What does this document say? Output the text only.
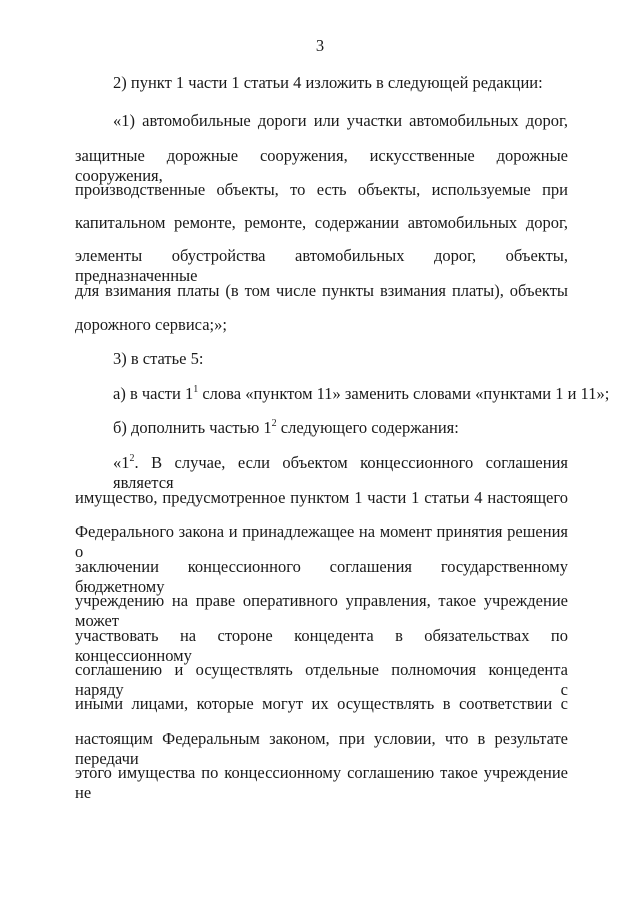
3
2) пункт 1 части 1 статьи 4 изложить в следующей редакции:
«1) автомобильные дороги или участки автомобильных дорог,
защитные дорожные сооружения, искусственные дорожные сооружения,
производственные объекты, то есть объекты, используемые при
капитальном ремонте, ремонте, содержании автомобильных дорог,
элементы обустройства автомобильных дорог, объекты, предназначенные
для взимания платы (в том числе пункты взимания платы), объекты
дорожного сервиса;»;
3) в статье 5:
а) в части $1^1$ слова «пунктом 11» заменить словами «пунктами 1 и 11»;
б) дополнить частью $1^2$ следующего содержания:
«$1^2$. В случае, если объектом концессионного соглашения является
имущество, предусмотренное пунктом 1 части 1 статьи 4 настоящего
Федерального закона и принадлежащее на момент принятия решения о
заключении концессионного соглашения государственному бюджетному
учреждению на праве оперативного управления, такое учреждение может
участвовать на стороне концедента в обязательствах по концессионному
соглашению и осуществлять отдельные полномочия концедента наряду с
иными лицами, которые могут их осуществлять в соответствии с
настоящим Федеральным законом, при условии, что в результате передачи
этого имущества по концессионному соглашению такое учреждение не
